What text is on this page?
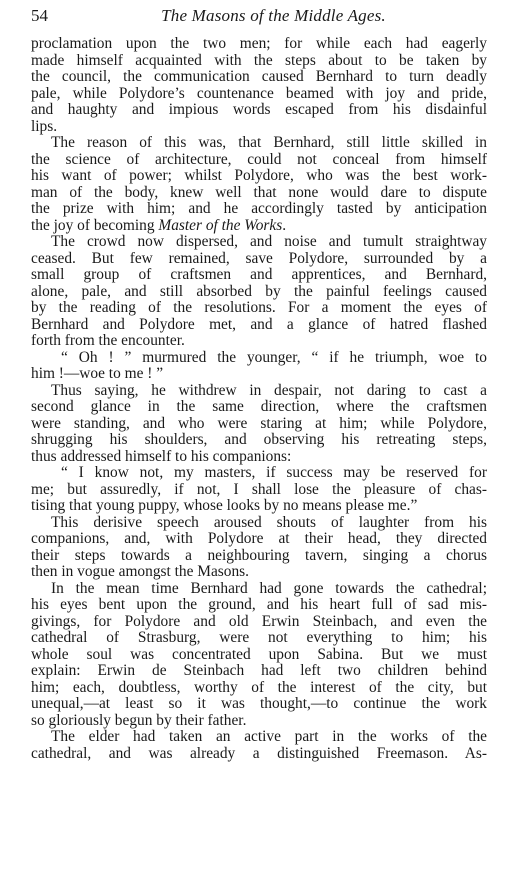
54	The Masons of the Middle Ages.
proclamation upon the two men; for while each had eagerly
made himself acquainted with the steps about to be taken by
the council, the communication caused Bernhard to turn deadly
pale, while Polydore’s countenance beamed with joy and pride,
and haughty and impious words escaped from his disdainful
lips.
The reason of this was, that Bernhard, still little skilled in
the science of architecture, could not conceal from himself
his want of power; whilst Polydore, who was the best work-
man of the body, knew well that none would dare to dispute
the prize with him; and he accordingly tasted by anticipation
the joy of becoming Master of the Works.
The crowd now dispersed, and noise and tumult straightway
ceased. But few remained, save Polydore, surrounded by a
small group of craftsmen and apprentices, and Bernhard,
alone, pale, and still absorbed by the painful feelings caused
by the reading of the resolutions. For a moment the eyes of
Bernhard and Polydore met, and a glance of hatred flashed
forth from the encounter.
“ Oh ! ” murmured the younger, “ if he triumph, woe to
him !—woe to me ! ”
Thus saying, he withdrew in despair, not daring to cast a
second glance in the same direction, where the craftsmen
were standing, and who were staring at him; while Polydore,
shrugging his shoulders, and observing his retreating steps,
thus addressed himself to his companions:
“ I know not, my masters, if success may be reserved for
me; but assuredly, if not, I shall lose the pleasure of chas-
tising that young puppy, whose looks by no means please me.”
This derisive speech aroused shouts of laughter from his
companions, and, with Polydore at their head, they directed
their steps towards a neighbouring tavern, singing a chorus
then in vogue amongst the Masons.
In the mean time Bernhard had gone towards the cathedral;
his eyes bent upon the ground, and his heart full of sad mis-
givings, for Polydore and old Erwin Steinbach, and even the
cathedral of Strasburg, were not everything to him; his
whole soul was concentrated upon Sabina. But we must
explain: Erwin de Steinbach had left two children behind
him; each, doubtless, worthy of the interest of the city, but
unequal,—at least so it was thought,—to continue the work
so gloriously begun by their father.
The elder had taken an active part in the works of the
cathedral, and was already a distinguished Freemason. As-
